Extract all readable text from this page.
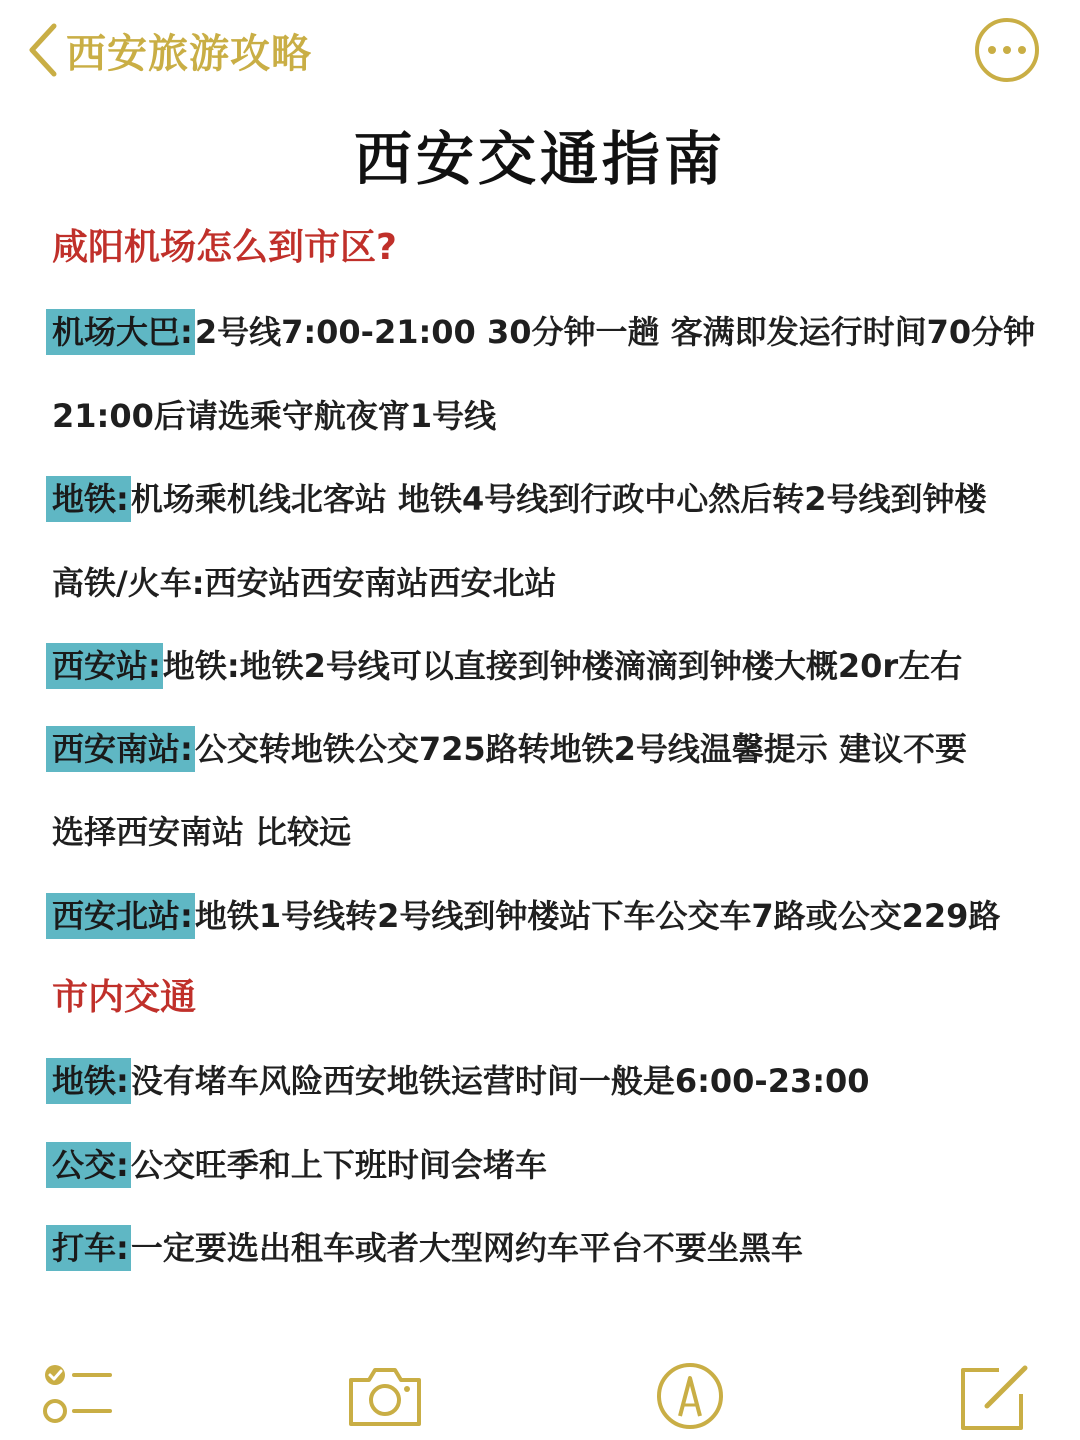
西安旅游攻略
西安交通指南
咸阳机场怎么到市区?
机场大巴:2号线7:00-21:00 30分钟一趟 客满即发运行时间70分钟
21:00后请选乘守航夜宵1号线
地铁:机场乘机线北客站 地铁4号线到行政中心然后转2号线到钟楼
高铁/火车:西安站西安南站西安北站
西安站:地铁:地铁2号线可以直接到钟楼滴滴到钟楼大概20r左右
西安南站:公交转地铁公交725路转地铁2号线温馨提示 建议不要
选择西安南站 比较远
西安北站:地铁1号线转2号线到钟楼站下车公交车7路或公交229路
市内交通
地铁:没有堵车风险西安地铁运营时间一般是6:00-23:00
公交:公交旺季和上下班时间会堵车
打车:一定要选出租车或者大型网约车平台不要坐黑车
